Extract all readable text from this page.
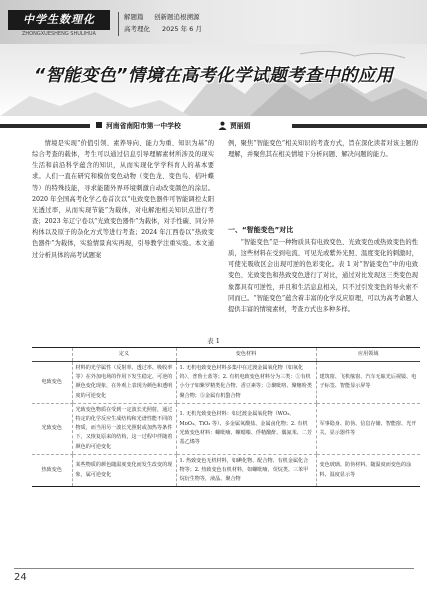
中学生数理化
ZHONGXUESHENG SHULIHUA
解题篇 创新题追根溯源
高考理化 2025 年 6 月
“智能变色”情境在高考化学试题考查中的应用
河南省南阳市第一中学校	贾丽娟

情境是实现“价值引领、素养导向、能力为重、知识为基”的综合考查的载体，考生可以通过信息引导理解素材所涉及的现实生活和前沿科学蕴含的知识，从而实现化学学科育人的基本要求。人们一直在研究和模仿变色动物（变色龙、变色鸟、桔叶蝶等）的特殊技能，寻求能随外界环境刺激自动改变颜色的涂层。2020 年全国高考化学乙卷首次以“电致变色器件可智能调控太阳光透过率，从而实现节能”为载体，对电解池相关知识点进行考查；2023 年辽宁卷以“光致变色器件”为载体，对手性碳、同分异构体以及原子的杂化方式等进行考查；2024 年江西卷以“热致变色器件”为载体，实验情景真实再现，引导教学注重实验。本文通过分析具体的高考试题案

例，聚焦“智能变色”相关知识的考查方式，旨在深化读者对该主题的理解，并聚焦其在相关情境下分析问题、解决问题的能力。

一、“智能变色”对比

“智能变色”是一种物质具有电致变色、光致变色或热致变色的性质，这些材料在受到电流、可见光或紫外光照、温度变化的刺激时，可使光吸收区会出现可逆的色彩变化。表 1 对“智能变色”中的电致变色、光致变色和热致变色进行了对比，通过对比发现这三类变色现象都具有可逆性，并且和生活息息相关，只不过引发变色的导火索不同而已。“智能变色”蕴含着丰富的化学反应原理，可以为高考命题人提供丰富的情境素材，考查方式也多种多样。

表 1
	定义	变色材料	应用领域
电致变色	材料的光学属性（反射率、透过率、吸收率等）在外加电场的作用下发生稳定、可逆的颜色变化现象，在外观上表现为颜色和透明度的可逆变化	1. 无机电致变色材料多集中在过渡金属氧化物（如氧化钨）、普鲁士蓝等；2. 有机电致变色材料分为三类：①有机小分子如紫罗精类化合物、香豆素等；②聚吡咯、聚噻吩类聚合物；③金属有机螯合物	建筑窗、飞机舷窗、汽车无眩光后视镜、电子标签、智能显示屏等
光致变色	光致变色物质在受到一定波长光照射，通过特定的化学反应生成结构和光谱性能不同的物质，而当用另一波长光照射或加热等条件下，又恢复原来的结构，这一过程中伴随着颜色的可逆变化	1. 无机光致变色材料：如过渡金属氧化物（WO₃、MoO₃、TiO₂ 等）、多金属氧酸盐、金属卤化物；2. 有机光致变色材料：螺吡喃、螺噁嗪、俘精酸酐、偶氮苯、二芳基乙烯等	军事隐身、防伪、信息存储、智能窗、光开关、显示器件等
热致变色	某些物质的颜色随温度变化而发生改变的现象，属可逆变化	1. 热致变色无机材料，如碘化物、配合物、有机金属化合物等；2. 热致变色有机材料，如螺吡喃、荧烷类、三苯甲烷衍生物等，液晶、聚合物	变色玻璃、防伪材料、随温度而变色的涂料、温度显示等
24
